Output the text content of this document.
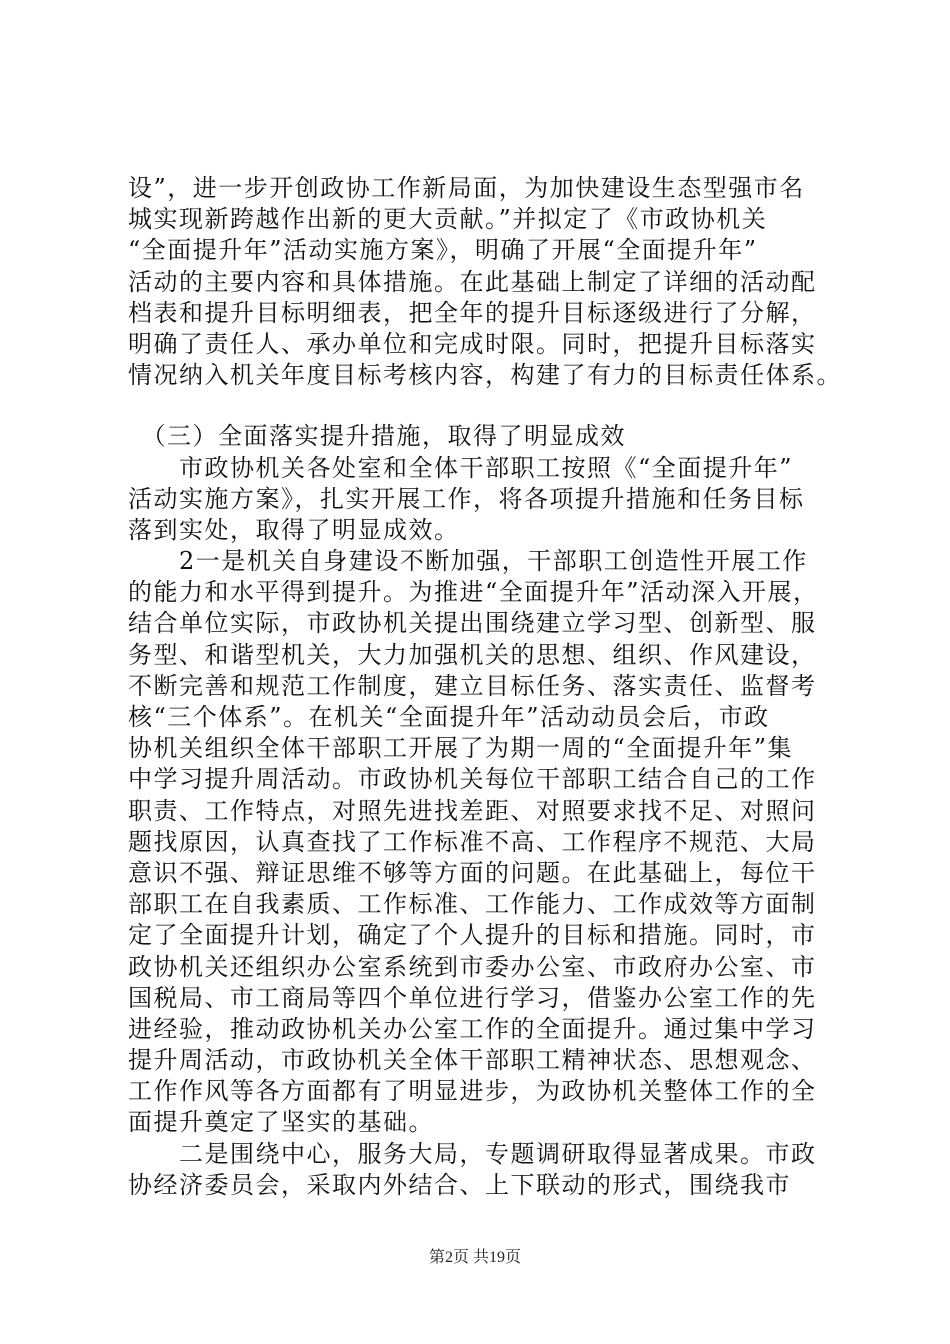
设”，进一步开创政协工作新局面，为加快建设生态型强市名
城实现新跨越作出新的更大贡献。”并拟定了《市政协机关
“全面提升年”活动实施方案》，明确了开展“全面提升年”
活动的主要内容和具体措施。在此基础上制定了详细的活动配
档表和提升目标明细表，把全年的提升目标逐级进行了分解，
明确了责任人、承办单位和完成时限。同时，把提升目标落实
情况纳入机关年度目标考核内容，构建了有力的目标责任体系。
　（三）全面落实提升措施，取得了明显成效
　　市政协机关各处室和全体干部职工按照《“全面提升年”
活动实施方案》，扎实开展工作，将各项提升措施和任务目标
落到实处，取得了明显成效。
　　2一是机关自身建设不断加强，干部职工创造性开展工作
的能力和水平得到提升。为推进“全面提升年”活动深入开展，
结合单位实际，市政协机关提出围绕建立学习型、创新型、服
务型、和谐型机关，大力加强机关的思想、组织、作风建设，
不断完善和规范工作制度，建立目标任务、落实责任、监督考
核“三个体系”。在机关“全面提升年”活动动员会后，市政
协机关组织全体干部职工开展了为期一周的“全面提升年”集
中学习提升周活动。市政协机关每位干部职工结合自己的工作
职责、工作特点，对照先进找差距、对照要求找不足、对照问
题找原因，认真查找了工作标准不高、工作程序不规范、大局
意识不强、辩证思维不够等方面的问题。在此基础上，每位干
部职工在自我素质、工作标准、工作能力、工作成效等方面制
定了全面提升计划，确定了个人提升的目标和措施。同时，市
政协机关还组织办公室系统到市委办公室、市政府办公室、市
国税局、市工商局等四个单位进行学习，借鉴办公室工作的先
进经验，推动政协机关办公室工作的全面提升。通过集中学习
提升周活动，市政协机关全体干部职工精神状态、思想观念、
工作作风等各方面都有了明显进步，为政协机关整体工作的全
面提升奠定了坚实的基础。
　　二是围绕中心，服务大局，专题调研取得显著成果。市政
协经济委员会，采取内外结合、上下联动的形式，围绕我市
第2页 共19页
